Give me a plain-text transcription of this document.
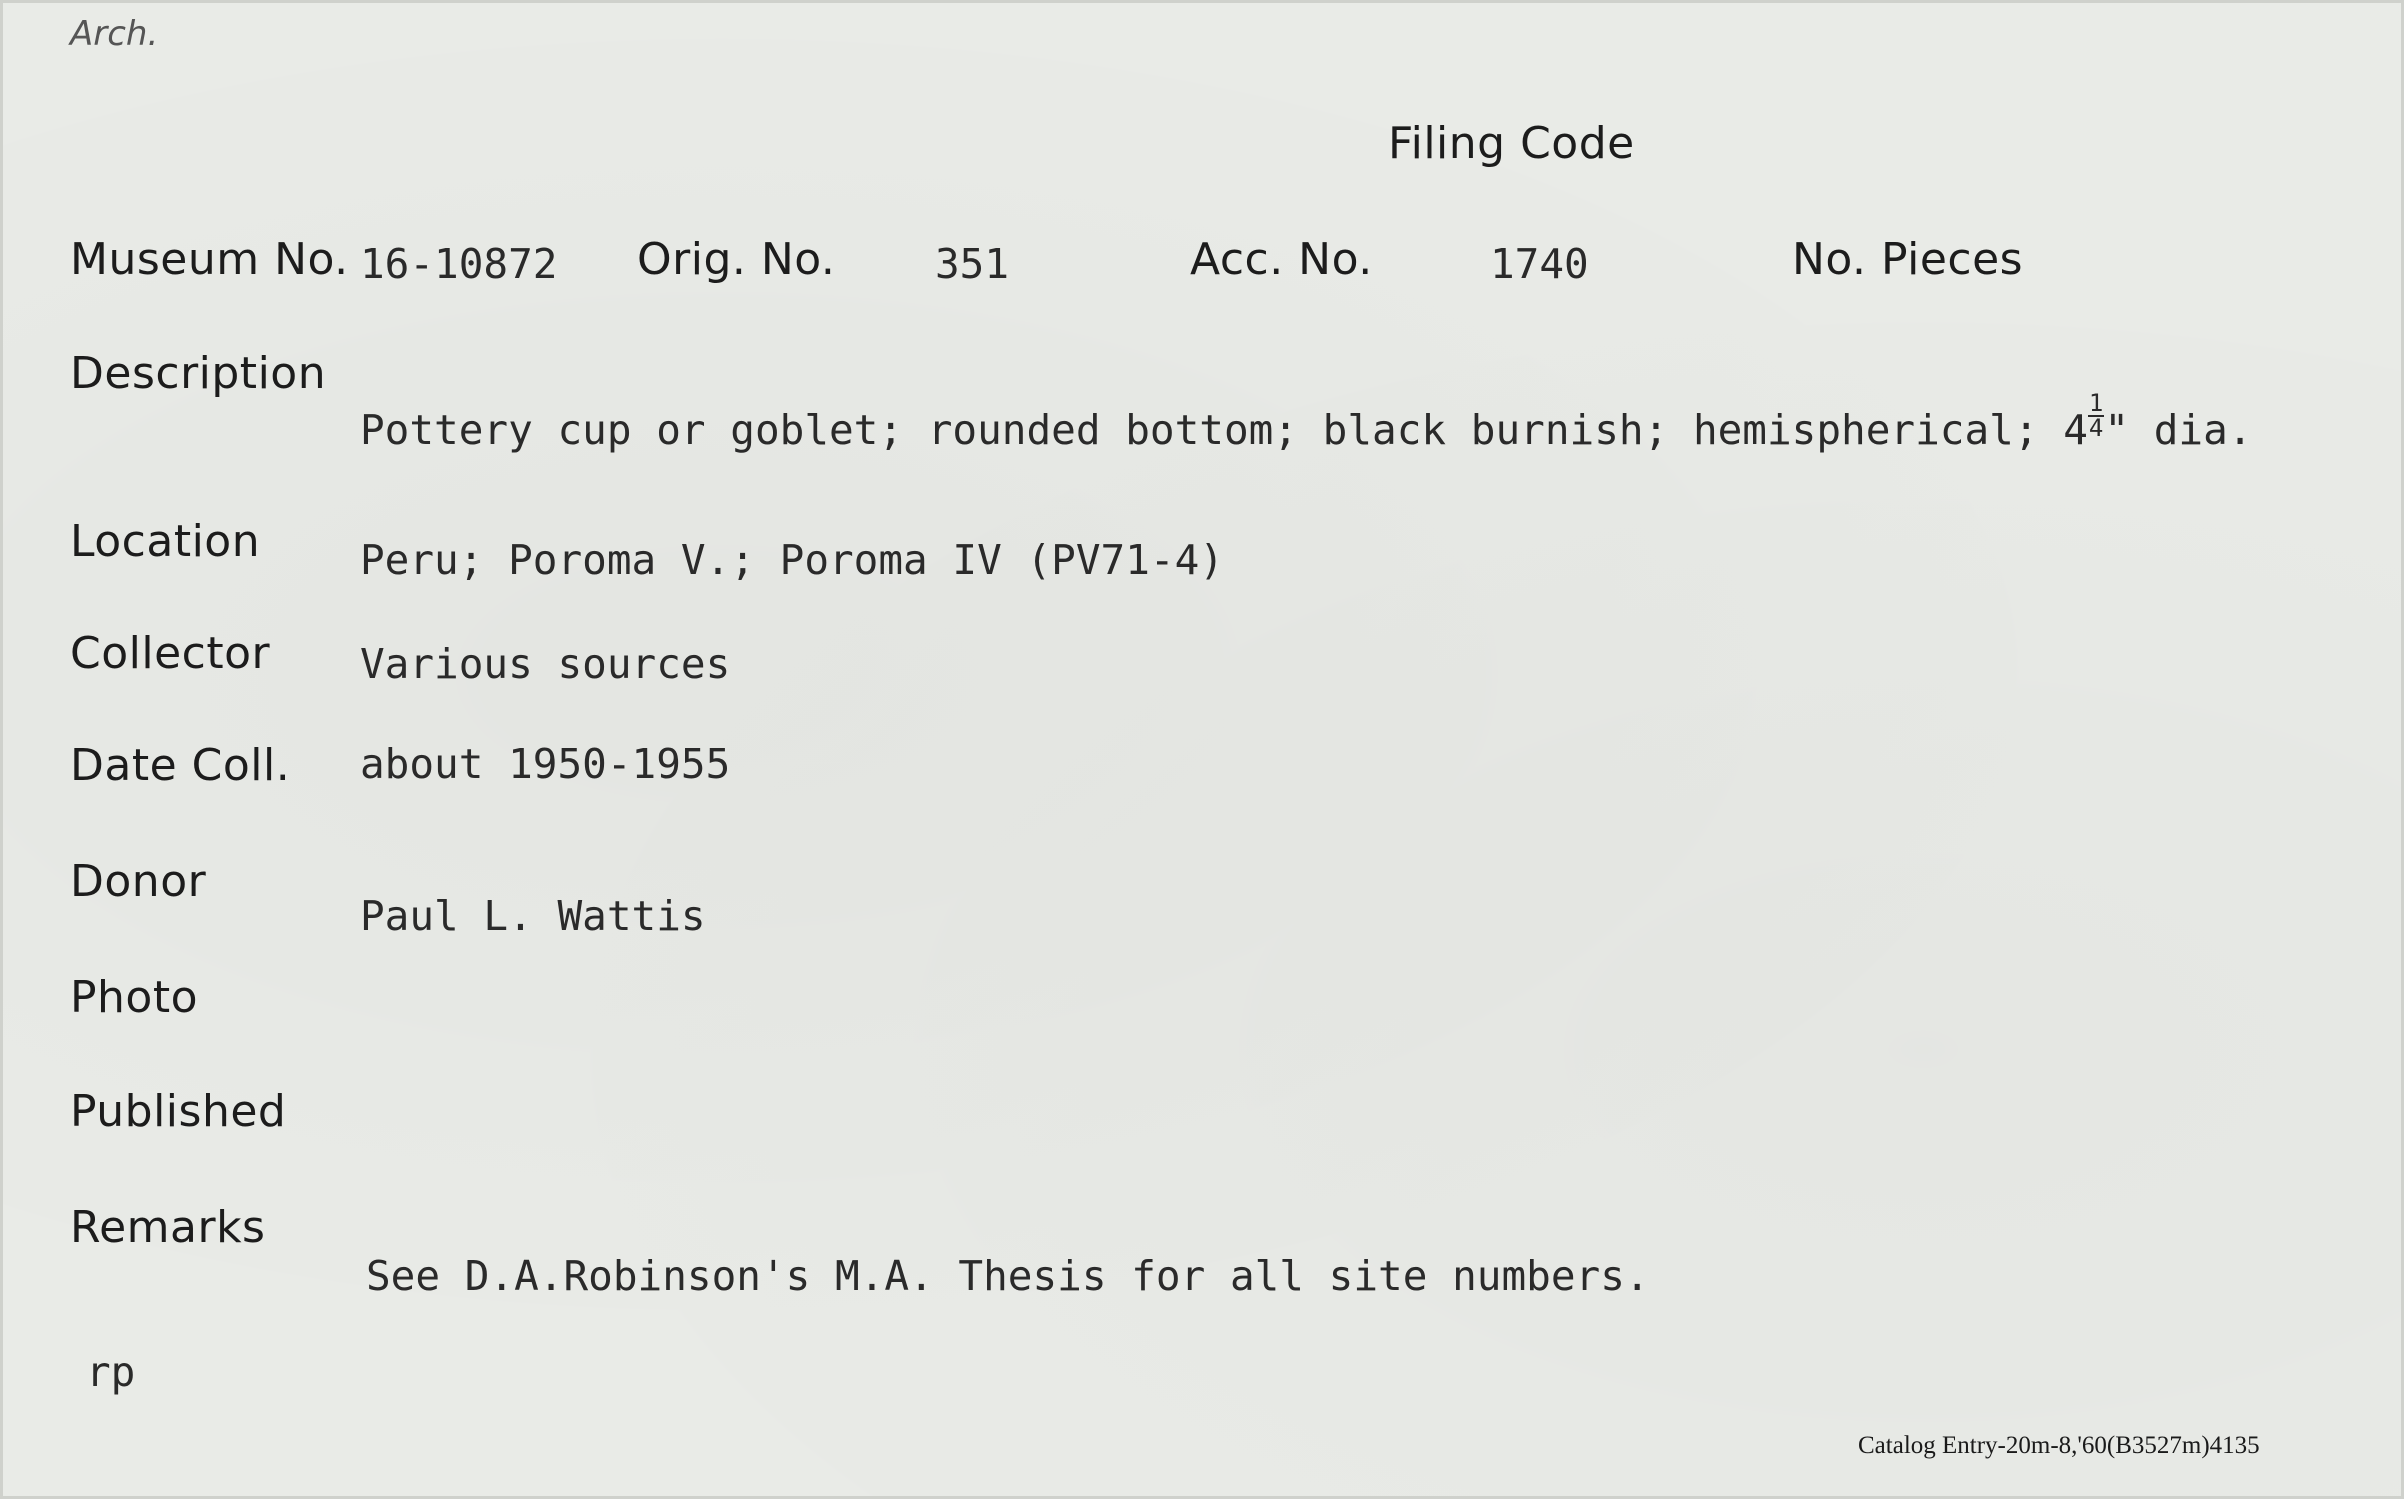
Arch.
Filing Code
Museum No. 16-10872 Orig. No. 351	Acc. No.	1740	No. Pieces
Description
Pottery cup or goblet; rounded bottom; black burnish; hemispherical; $4 \frac{1}{4}$ " dia.
Location Peru; Poroma V.; Poroma IV (PV71-4)
Collector Various sources
Date Coll. about 1950-1955
Donor
Paul L. Wattis
Photo
Published
Remarks
See D.A.Robinson's M.A. Thesis for all site numbers.
rp
Catalog Entry-20m-8,'60(B3527m)4135
